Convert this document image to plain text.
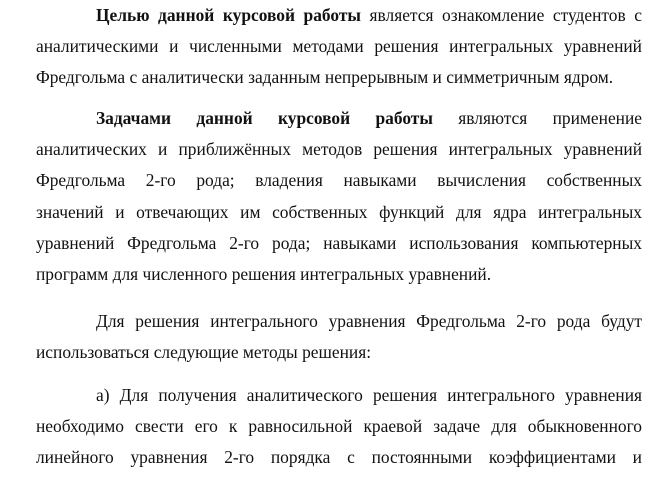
Целью данной курсовой работы является ознакомление студентов с
аналитическими и численными методами решения интегральных уравнений
Фредгольма с аналитически заданным непрерывным и симметричным ядром.

Задачами данной курсовой работы являются применение
аналитических и приближённых методов решения интегральных уравнений
Фредгольма 2-го рода; владения навыками вычисления собственных
значений и отвечающих им собственных функций для ядра интегральных
уравнений Фредгольма 2-го рода; навыками использования компьютерных
программ для численного решения интегральных уравнений.

Для решения интегрального уравнения Фредгольма 2-го рода будут
использоваться следующие методы решения:

а) Для получения аналитического решения интегрального уравнения
необходимо свести его к равносильной краевой задаче для обыкновенного
линейного уравнения 2-го порядка с постоянными коэффициентами и
